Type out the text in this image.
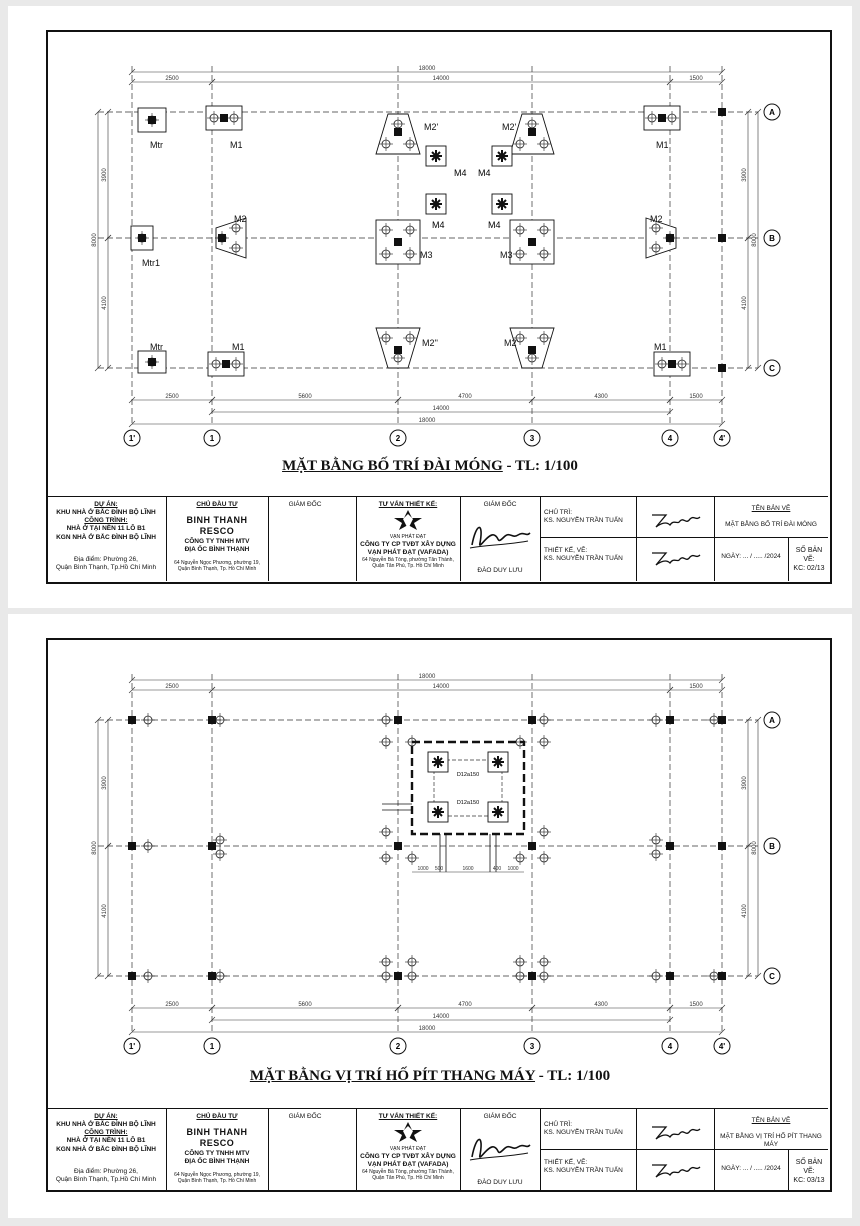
A
B
C
1'	1	2	3	4	4'
18000
14000
2500	1500
2500	5600	4700	4300	1500
14000
18000
3900
4100
8000
3900
4100
8000
Mtr	M1
M2'	M2'
M1
M4 M4
M4	M4
Mtr1
M2
M3	M3
M2
Mtr	M1	M2''	M2'	M1
MẶT BẰNG BỐ TRÍ ĐÀI MÓNG - TL: 1/100
DỰ ÁN:
KHU NHÀ Ở BẮC ĐÌNH BỘ LĨNH
CÔNG TRÌNH:
NHÀ Ở TẠI NỀN 11 LÔ B1
KGN NHÀ Ở BẮC ĐÌNH BỘ LĨNH
Địa điểm: Phường 26,
Quận Bình Thạnh, Tp.Hồ Chí Minh
CHỦ ĐẦU TƯ
BINH THANH
RESCO
CÔNG TY TNHH MTV
ĐỊA ỐC BÌNH THẠNH
64 Nguyễn Ngọc Phương, phường 19,
Quận Bình Thạnh, Tp. Hồ Chí Minh
GIÁM ĐỐC	TƯ VẤN THIẾT KẾ:
VẠN PHÁT ĐẠT
CÔNG TY CP TVĐT XÂY DỰNG
VẠN PHÁT ĐẠT (VAFADA)
64 Nguyễn Bá Tòng, phường Tân Thành,
Quận Tân Phú, Tp. Hồ Chí Minh
GIÁM ĐỐC
ĐÀO DUY LƯU
CHỦ TRÌ:
KS. NGUYỄN TRẦN TUẤN
THIẾT KẾ, VẼ:
KS. NGUYỄN TRẦN TUẤN
TÊN BẢN VẼ
MẶT BẰNG BỐ TRÍ ĐÀI MÓNG
NGÀY: ... / ..... /2024
SỐ BẢN VẼ:
KC: 02/13
A
B
C
1'	1	2	3	4	4'
18000
14000
2500	1500
2500	5600	4700	4300	1500
14000
18000
3900
4100
8000
3900
4100
8000
D12a150
D12a150
1000 500	1600	400 1000
MẶT BẰNG VỊ TRÍ HỐ PÍT THANG MÁY - TL: 1/100
DỰ ÁN:
KHU NHÀ Ở BẮC ĐÌNH BỘ LĨNH
CÔNG TRÌNH:
NHÀ Ở TẠI NỀN 11 LÔ B1
KGN NHÀ Ở BẮC ĐÌNH BỘ LĨNH
Địa điểm: Phường 26,
Quận Bình Thạnh, Tp.Hồ Chí Minh
CHỦ ĐẦU TƯ
BINH THANH
RESCO
CÔNG TY TNHH MTV
ĐỊA ỐC BÌNH THẠNH
64 Nguyễn Ngọc Phương, phường 19,
Quận Bình Thạnh, Tp. Hồ Chí Minh
GIÁM ĐỐC	TƯ VẤN THIẾT KẾ:
VẠN PHÁT ĐẠT
CÔNG TY CP TVĐT XÂY DỰNG
VẠN PHÁT ĐẠT (VAFADA)
64 Nguyễn Bá Tòng, phường Tân Thành,
Quận Tân Phú, Tp. Hồ Chí Minh
GIÁM ĐỐC
ĐÀO DUY LƯU
CHỦ TRÌ:
KS. NGUYỄN TRẦN TUẤN
THIẾT KẾ, VẼ:
KS. NGUYỄN TRẦN TUẤN
TÊN BẢN VẼ
MẶT BẰNG VỊ TRÍ HỐ PÍT THANG MÁY
NGÀY: ... / ..... /2024
SỐ BẢN VẼ:
KC: 03/13
